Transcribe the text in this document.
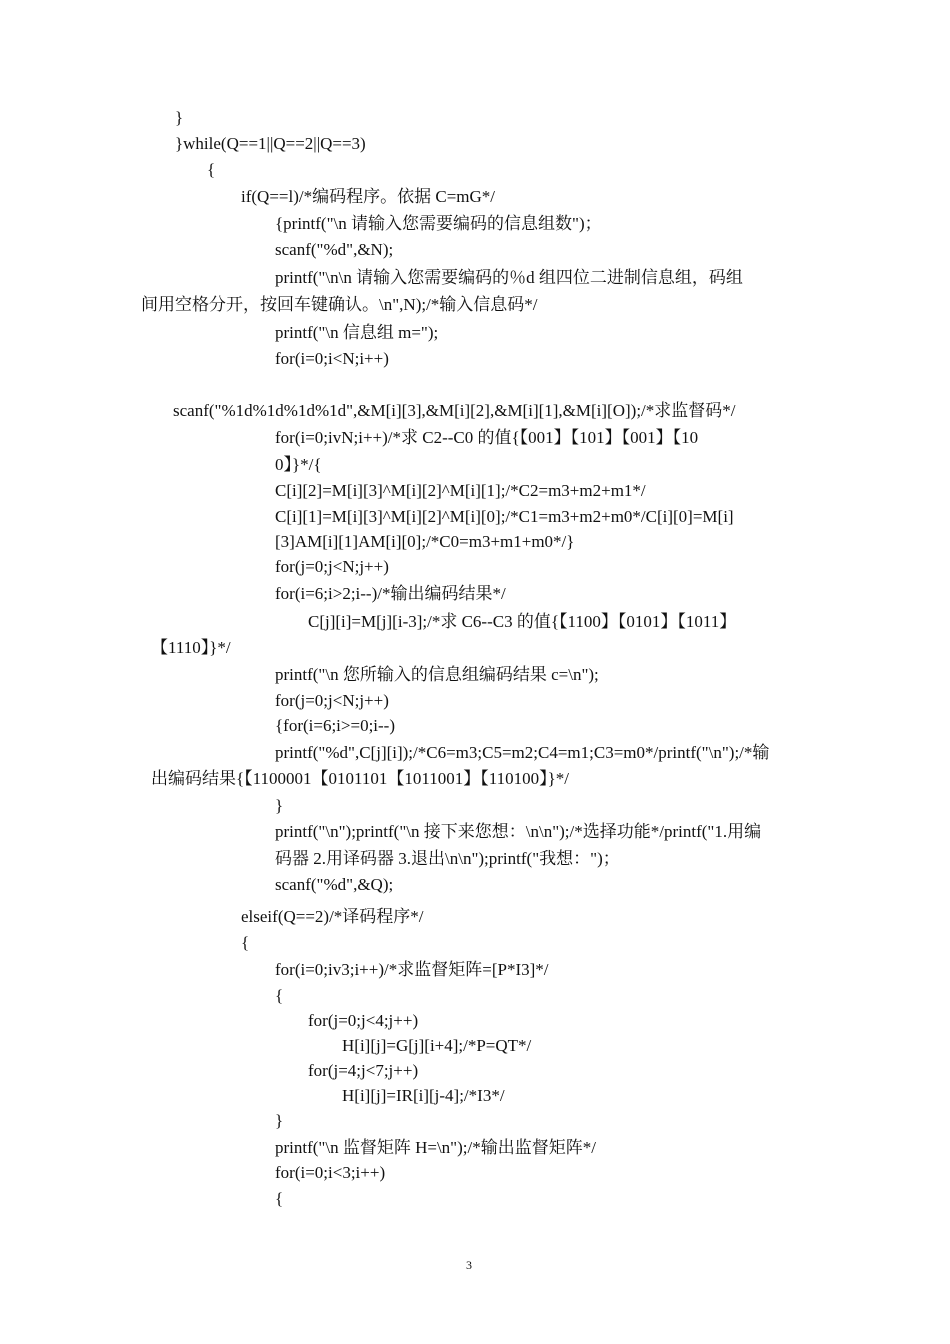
}
}while(Q==1||Q==2||Q==3)
{
if(Q==l)/*编码程序。依据 C=mG*/
{printf("\n 请输入您需要编码的信息组数")；
scanf("%d",&N);
printf("\n\n 请输入您需要编码的％d 组四位二进制信息组，码组
间用空格分开，按回车键确认。\n",N);/*输入信息码*/
printf("\n 信息组 m=");
for(i=0;i<N;i++)
scanf("%1d%1d%1d%1d",&M[i][3],&M[i][2],&M[i][1],&M[i][O]);/*求监督码*/
for(i=0;ivN;i++)/*求 C2--C0 的值{【001】【101】【001】【10
0】}*/{
C[i][2]=M[i][3]^M[i][2]^M[i][1];/*C2=m3+m2+m1*/
C[i][1]=M[i][3]^M[i][2]^M[i][0];/*C1=m3+m2+m0*/C[i][0]=M[i]
[3]AM[i][1]AM[i][0];/*C0=m3+m1+m0*/}
for(j=0;j<N;j++)
for(i=6;i>2;i--)/*输出编码结果*/
C[j][i]=M[j][i-3];/*求 C6--C3 的值{【1100】【0101】【1011】
【1110】}*/
printf("\n 您所输入的信息组编码结果 c=\n");
for(j=0;j<N;j++)
{for(i=6;i>=0;i--)
printf("%d",C[j][i]);/*C6=m3;C5=m2;C4=m1;C3=m0*/printf("\n");/*输
出编码结果{【1100001【0101101【1011001】【110100】}*/
}
printf("\n");printf("\n 接下来您想：\n\n");/*选择功能*/printf("1.用编
码器 2.用译码器 3.退出\n\n");printf("我想：")；
scanf("%d",&Q);
elseif(Q==2)/*译码程序*/
{
for(i=0;iv3;i++)/*求监督矩阵=[P*I3]*/
{
for(j=0;j<4;j++)
H[i][j]=G[j][i+4];/*P=QT*/
for(j=4;j<7;j++)
H[i][j]=IR[i][j-4];/*I3*/
}
printf("\n 监督矩阵 H=\n");/*输出监督矩阵*/
for(i=0;i<3;i++)
{
3
